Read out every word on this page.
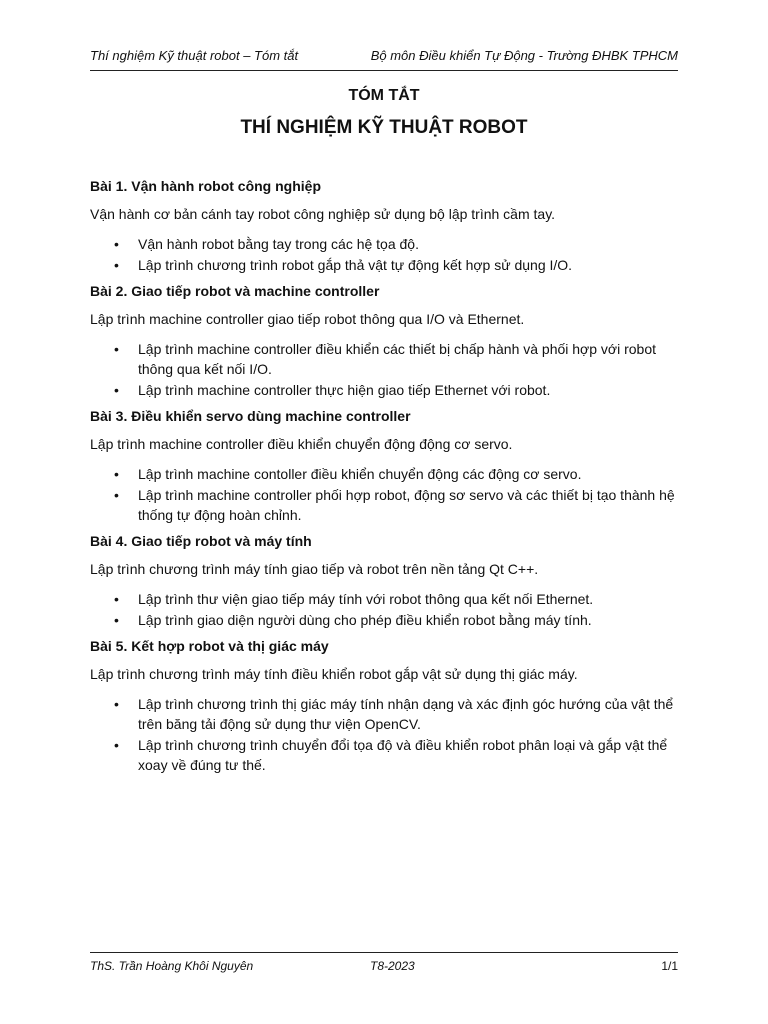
Thí nghiệm Kỹ thuật robot – Tóm tắt	Bộ môn Điều khiển Tự Động - Trường ĐHBK TPHCM
TÓM TẮT
THÍ NGHIỆM KỸ THUẬT ROBOT
Bài 1. Vận hành robot công nghiệp
Vận hành cơ bản cánh tay robot công nghiệp sử dụng bộ lập trình cầm tay.
• Vận hành robot bằng tay trong các hệ tọa độ.
• Lập trình chương trình robot gắp thả vật tự động kết hợp sử dụng I/O.
Bài 2. Giao tiếp robot và machine controller
Lập trình machine controller giao tiếp robot thông qua I/O và Ethernet.
• Lập trình machine controller điều khiển các thiết bị chấp hành và phối hợp với robot thông qua kết nối I/O.
• Lập trình machine controller thực hiện giao tiếp Ethernet với robot.
Bài 3. Điều khiển servo dùng machine controller
Lập trình machine controller điều khiển chuyển động động cơ servo.
• Lập trình machine contoller điều khiển chuyển động các động cơ servo.
• Lập trình machine controller phối hợp robot, động sơ servo và các thiết bị tạo thành hệ thống tự động hoàn chỉnh.
Bài 4. Giao tiếp robot và máy tính
Lập trình chương trình máy tính giao tiếp và robot trên nền tảng Qt C++.
• Lập trình thư viện giao tiếp máy tính với robot thông qua kết nối Ethernet.
• Lập trình giao diện người dùng cho phép điều khiển robot bằng máy tính.
Bài 5. Kết hợp robot và thị giác máy
Lập trình chương trình máy tính điều khiển robot gắp vật sử dụng thị giác máy.
• Lập trình chương trình thị giác máy tính nhận dạng và xác định góc hướng của vật thể trên băng tải động sử dụng thư viện OpenCV.
• Lập trình chương trình chuyển đổi tọa độ và điều khiển robot phân loại và gắp vật thể xoay về đúng tư thế.
ThS. Trần Hoàng Khôi Nguyên	T8-2023	1/1
